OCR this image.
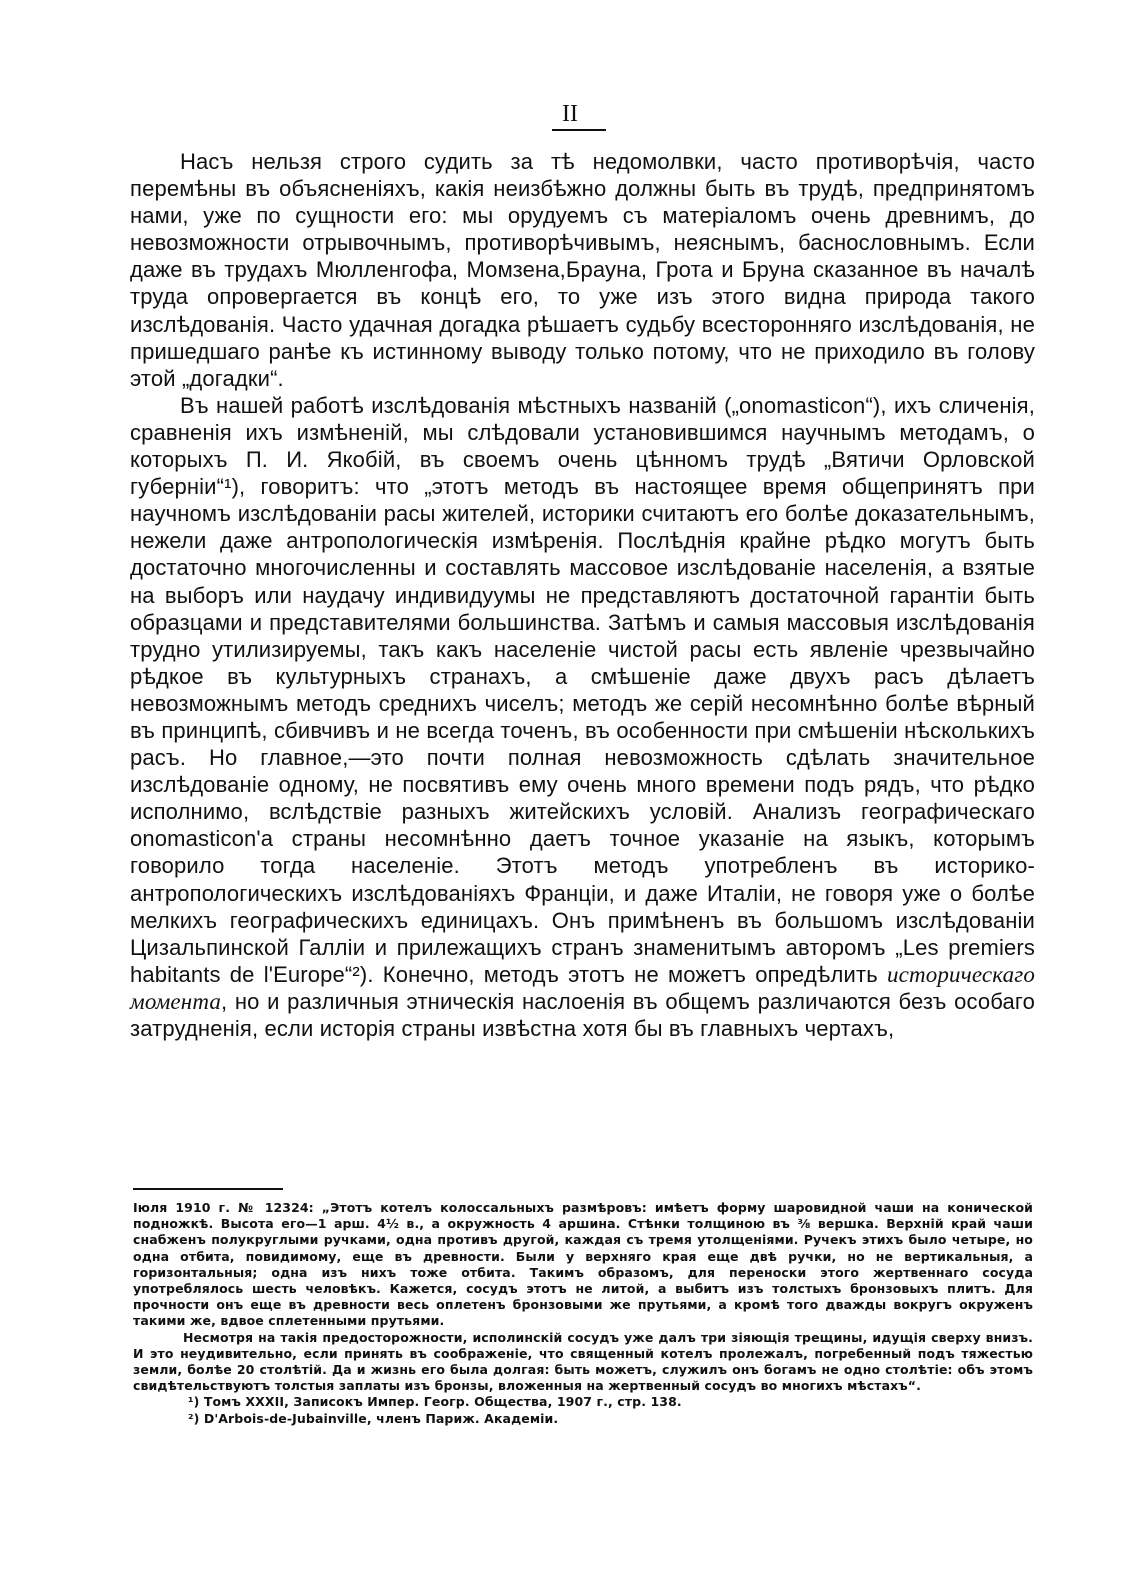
II

Насъ нельзя строго судить за тѣ недомолвки, часто противорѣчія, часто перемѣны въ объясненіяхъ, какія неизбѣжно должны быть въ трудѣ, предпринятомъ нами, уже по сущности его: мы орудуемъ съ матеріаломъ очень древнимъ, до невозможности отрывочнымъ, противорѣчивымъ, неяснымъ, баснословнымъ. Если даже въ трудахъ Мюлленгофа, Момзена,Брауна, Грота и Бруна сказанное въ началѣ труда опровергается въ концѣ его, то уже изъ этого видна природа такого изслѣдованія. Часто удачная догадка рѣшаетъ судьбу всесторонняго изслѣдованія, не пришедшаго ранѣе къ истинному выводу только потому, что не приходило въ голову этой „догадки“.

Въ нашей работѣ изслѣдованія мѣстныхъ названій („onomasticon“), ихъ сличенія, сравненія ихъ измѣненій, мы слѣдовали установившимся научнымъ методамъ, о которыхъ П. И. Якобій, въ своемъ очень цѣнномъ трудѣ „Вятичи Орловской губерніи“¹), говоритъ: что „этотъ методъ въ настоящее время общепринятъ при научномъ изслѣдованіи расы жителей, историки считаютъ его болѣе доказательнымъ, нежели даже антропологическія измѣренія. Послѣднія крайне рѣдко могутъ быть достаточно многочисленны и составлять массовое изслѣдованіе населенія, а взятые на выборъ или наудачу индивидуумы не представляютъ достаточной гарантіи быть образцами и представителями большинства. Затѣмъ и самыя массовыя изслѣдованія трудно утилизируемы, такъ какъ населеніе чистой расы есть явленіе чрезвычайно рѣдкое въ культурныхъ странахъ, а смѣшеніе даже двухъ расъ дѣлаетъ невозможнымъ методъ среднихъ чиселъ; методъ же серій несомнѣнно болѣе вѣрный въ принципѣ, сбивчивъ и не всегда точенъ, въ особенности при смѣшеніи нѣсколькихъ расъ. Но главное,—это почти полная невозможность сдѣлать значительное изслѣдованіе одному, не посвятивъ ему очень много времени подъ рядъ, что рѣдко исполнимо, вслѣдствіе разныхъ житейскихъ условій. Анализъ географическаго onomasticon'а страны несомнѣнно даетъ точное указаніе на языкъ, которымъ говорило тогда населеніе. Этотъ методъ употребленъ въ историко-антропологическихъ изслѣдованіяхъ Франціи, и даже Италіи, не говоря уже о болѣе мелкихъ географическихъ единицахъ. Онъ примѣненъ въ большомъ изслѣдованіи Цизальпинской Галліи и прилежащихъ странъ знаменитымъ авторомъ „Les premiers habitants de l'Europe“²). Конечно, методъ этотъ не можетъ опредѣлить историческаго момента, но и различныя этническія наслоенія въ общемъ различаются безъ особаго затрудненія, если исторія страны извѣстна хотя бы въ главныхъ чертахъ,

Іюля 1910 г. № 12324: „Этотъ котелъ колоссальныхъ размѣровъ: имѣетъ форму шаровидной чаши на конической подножкѣ. Высота его—1 арш. 4½ в., а окружность 4 аршина. Стѣнки толщиною въ ⅜ вершка. Верхній край чаши снабженъ полукруглыми ручками, одна противъ другой, каждая съ тремя утолщеніями. Ручекъ этихъ было четыре, но одна отбита, повидимому, еще въ древности. Были у верхняго края еще двѣ ручки, но не вертикальныя, а горизонтальныя; одна изъ нихъ тоже отбита. Такимъ образомъ, для переноски этого жертвеннаго сосуда употреблялось шесть человѣкъ. Кажется, сосудъ этотъ не литой, а выбитъ изъ толстыхъ бронзовыхъ плитъ. Для прочности онъ еще въ древности весь оплетенъ бронзовыми же прутьями, а кромѣ того дважды вокругъ окруженъ такими же, вдвое сплетенными прутьями.

Несмотря на такія предосторожности, исполинскій сосудъ уже далъ три зіяющія трещины, идущія сверху внизъ. И это неудивительно, если принять въ соображеніе, что священный котелъ пролежалъ, погребенный подъ тяжестью земли, болѣе 20 столѣтій. Да и жизнь его была долгая: быть можетъ, служилъ онъ богамъ не одно столѣтіе: объ этомъ свидѣтельствуютъ толстыя заплаты изъ бронзы, вложенныя на жертвенный сосудъ во многихъ мѣстахъ“.

¹) Томъ XXXII, Записокъ Импер. Геогр. Общества, 1907 г., стр. 138.

²) D'Arbois-de-Jubainville, членъ Париж. Академіи.
